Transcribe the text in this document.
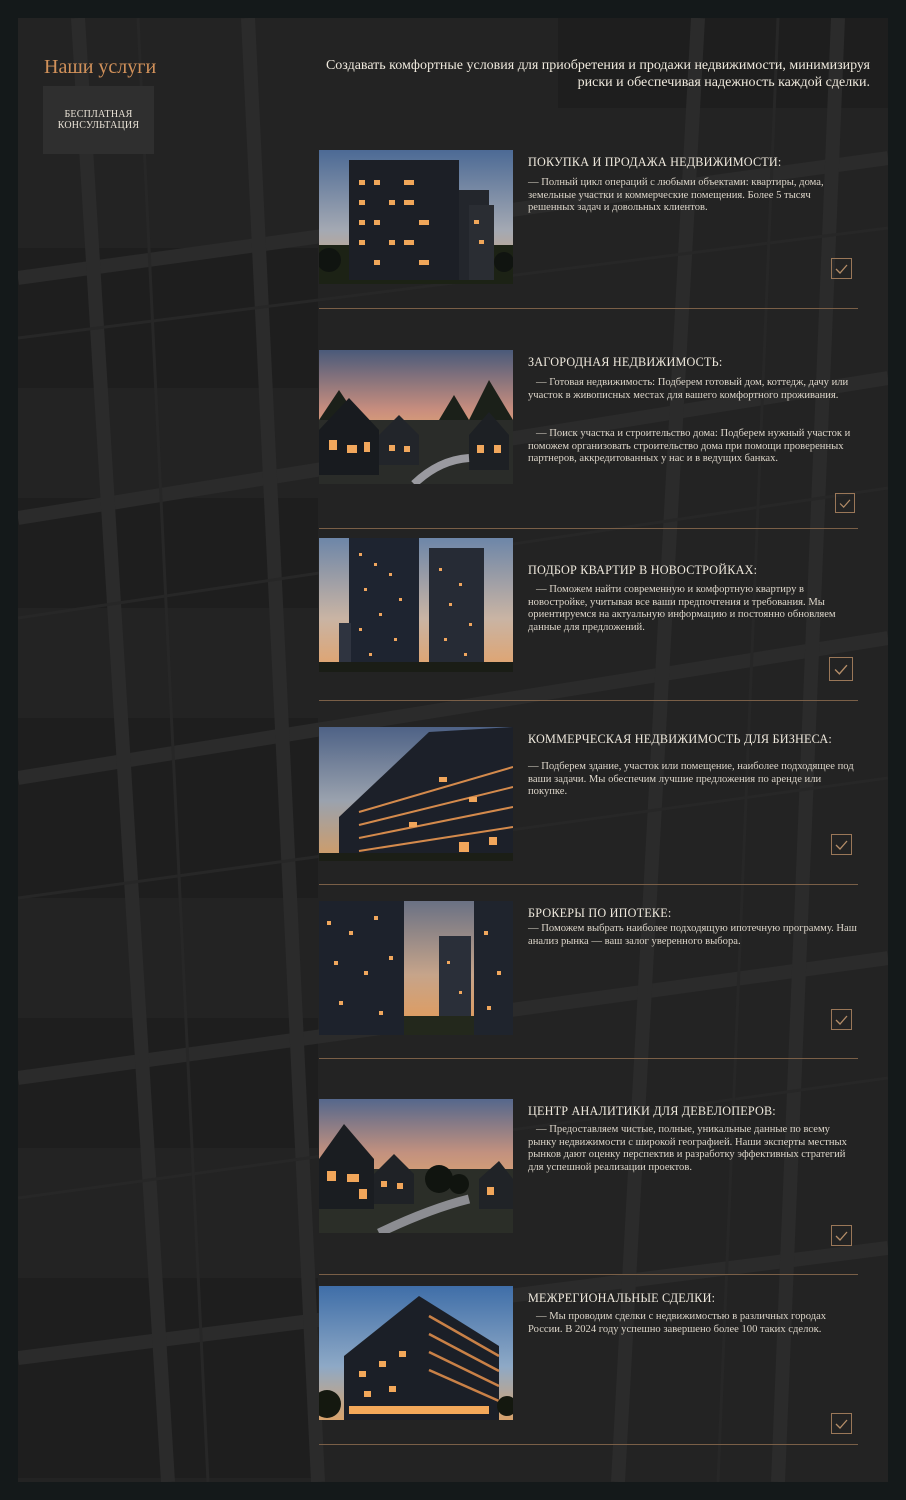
Наши услуги
БЕСПЛАТНАЯ КОНСУЛЬТАЦИЯ

Создавать комфортные условия для приобретения и продажи недвижимости, минимизируя риски и обеспечивая надежность каждой сделки.

ПОКУПКА И ПРОДАЖА НЕДВИЖИМОСТИ:

— Полный цикл операций с любыми объектами: квартиры, дома, земельные участки и коммерческие помещения. Более 5 тысяч решенных задач и довольных клиентов.

ЗАГОРОДНАЯ НЕДВИЖИМОСТЬ:

— Готовая недвижимость: Подберем готовый дом, коттедж, дачу или участок в живописных местах для вашего комфортного проживания.

— Поиск участка и строительство дома: Подберем нужный участок и поможем организовать строительство дома при помощи проверенных партнеров, аккредитованных у нас и в ведущих банках.

ПОДБОР КВАРТИР В НОВОСТРОЙКАХ:

— Поможем найти современную и комфортную квартиру в новостройке, учитывая все ваши предпочтения и требования. Мы ориентируемся на актуальную информацию и постоянно обновляем данные для предложений.

КОММЕРЧЕСКАЯ НЕДВИЖИМОСТЬ ДЛЯ БИЗНЕСА:

— Подберем здание, участок или помещение, наиболее подходящее под ваши задачи. Мы обеспечим лучшие предложения по аренде или покупке.

БРОКЕРЫ ПО ИПОТЕКЕ:

— Поможем выбрать наиболее подходящую ипотечную программу. Наш анализ рынка — ваш залог уверенного выбора.

ЦЕНТР АНАЛИТИКИ ДЛЯ ДЕВЕЛОПЕРОВ:

— Предоставляем чистые, полные, уникальные данные по всему рынку недвижимости с широкой географией. Наши эксперты местных рынков дают оценку перспектив и разработку эффективных стратегий для успешной реализации проектов.

МЕЖРЕГИОНАЛЬНЫЕ СДЕЛКИ:

— Мы проводим сделки с недвижимостью в различных городах России. В 2024 году успешно завершено более 100 таких сделок.
